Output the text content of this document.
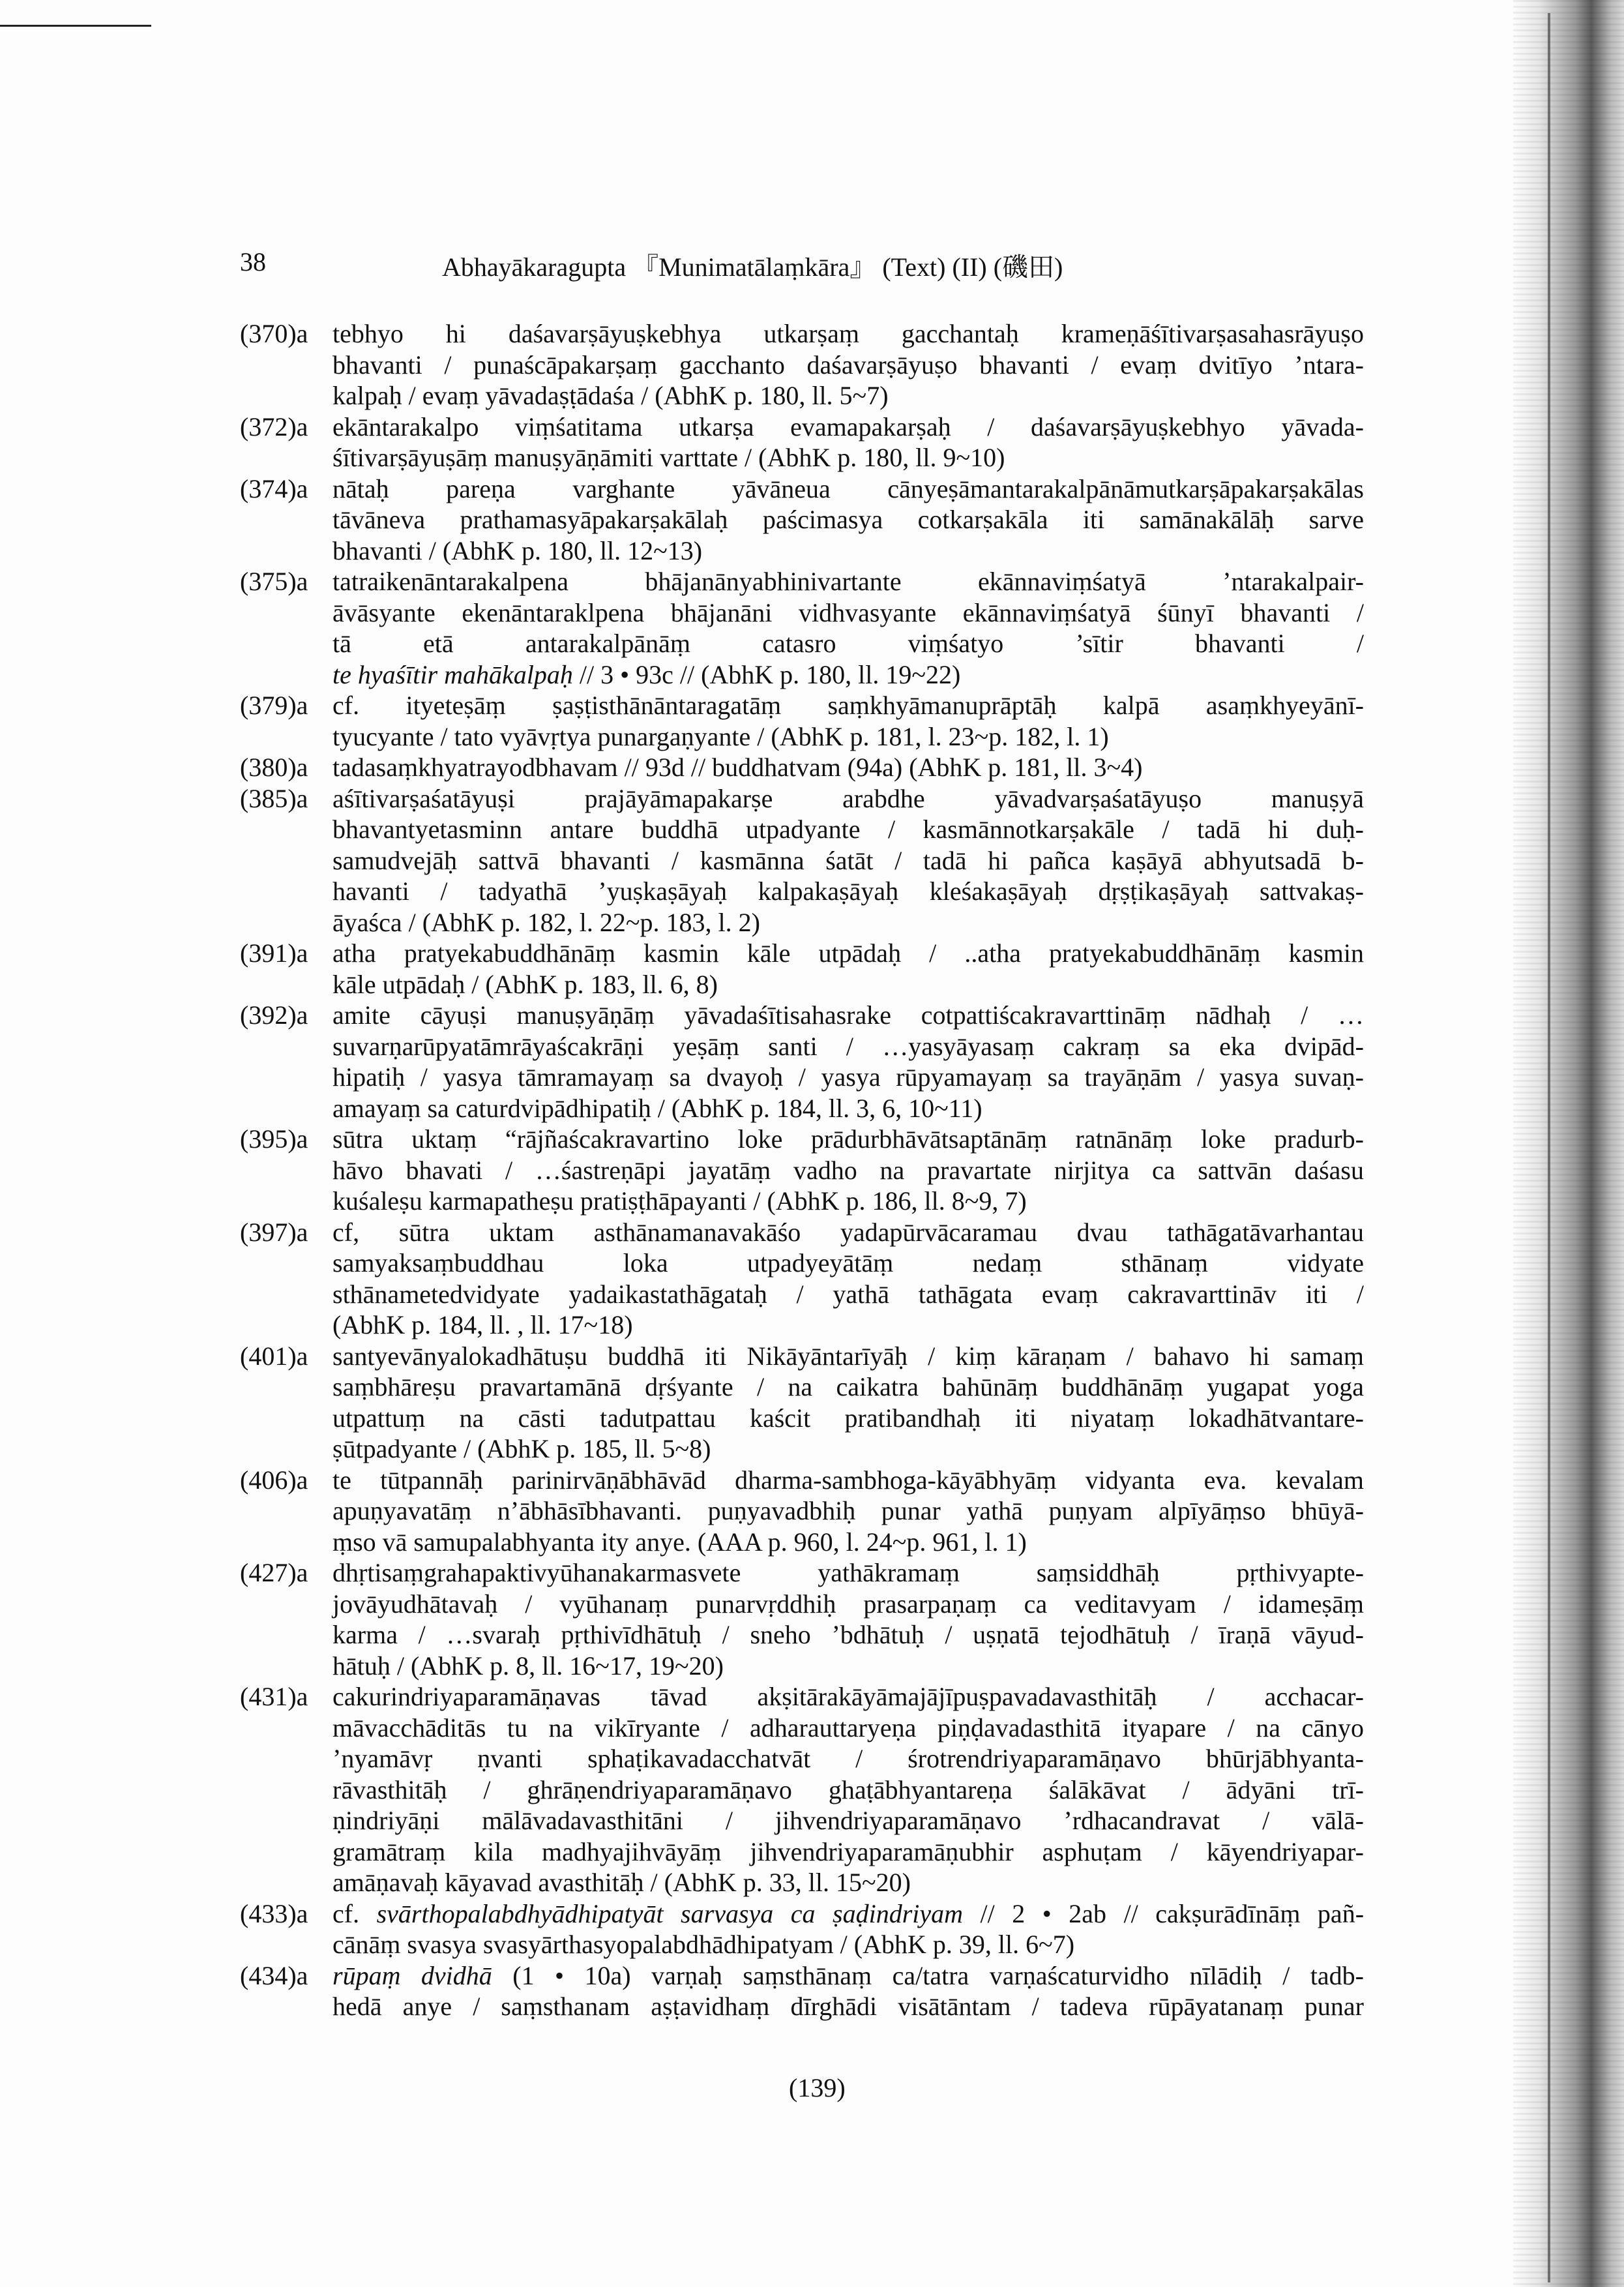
38	Abhayākaragupta 『Munimatālaṃkāra』 (Text) (II) (磯田)
(370)a tebhyo hi daśavarṣāyuṣkebhya utkarṣaṃ gacchantaḥ krameṇāśītivarṣasahasrāyuṣo
bhavanti / punaścāpakarṣaṃ gacchanto daśavarṣāyuṣo bhavanti / evaṃ dvitīyo ’ntara-
kalpaḥ / evaṃ yāvadaṣṭādaśa / (AbhK p. 180, ll. 5~7)
(372)a ekāntarakalpo viṃśatitama utkarṣa evamapakarṣaḥ / daśavarṣāyuṣkebhyo yāvada-
śītivarṣāyuṣāṃ manuṣyāṇāmiti varttate / (AbhK p. 180, ll. 9~10)
(374)a nātaḥ pareṇa varghante yāvāneua cānyeṣāmantarakalpānāmutkarṣāpakarṣakālas
tāvāneva prathamasyāpakarṣakālaḥ paścimasya cotkarṣakāla iti samānakālāḥ sarve
bhavanti / (AbhK p. 180, ll. 12~13)
(375)a tatraikenāntarakalpena bhājanānyabhinivartante ekānnaviṃśatyā ’ntarakalpair-
āvāsyante ekenāntaraklpena bhājanāni vidhvasyante ekānnaviṃśatyā śūnyī bhavanti /
tā etā antarakalpānāṃ catasro viṃśatyo ’sītir bhavanti /
te hyaśītir mahākalpaḥ // 3 • 93c // (AbhK p. 180, ll. 19~22)
(379)a cf. ityeteṣāṃ ṣaṣṭisthānāntaragatāṃ saṃkhyāmanuprāptāḥ kalpā asaṃkhyeyānī-
tyucyante / tato vyāvṛtya punargaṇyante / (AbhK p. 181, l. 23~p. 182, l. 1)
(380)a tadasaṃkhyatrayodbhavam // 93d // buddhatvam (94a) (AbhK p. 181, ll. 3~4)
(385)a aśītivarṣaśatāyuṣi prajāyāmapakarṣe arabdhe yāvadvarṣaśatāyuṣo manuṣyā
bhavantyetasminn antare buddhā utpadyante / kasmānnotkarṣakāle / tadā hi duḥ-
samudvejāḥ sattvā bhavanti / kasmānna śatāt / tadā hi pañca kaṣāyā abhyutsadā b-
havanti / tadyathā ’yuṣkaṣāyaḥ kalpakaṣāyaḥ kleśakaṣāyaḥ dṛṣṭikaṣāyaḥ sattvakaṣ-
āyaśca / (AbhK p. 182, l. 22~p. 183, l. 2)
(391)a atha pratyekabuddhānāṃ kasmin kāle utpādaḥ / ..atha pratyekabuddhānāṃ kasmin
kāle utpādaḥ / (AbhK p. 183, ll. 6, 8)
(392)a amite cāyuṣi manuṣyāṇāṃ yāvadaśītisahasrake cotpattiścakravarttināṃ nādhaḥ / …
suvarṇarūpyatāmrāyaścakrāṇi yeṣāṃ santi / …yasyāyasaṃ cakraṃ sa eka dvipād-
hipatiḥ / yasya tāmramayaṃ sa dvayoḥ / yasya rūpyamayaṃ sa trayāṇām / yasya suvaṇ-
amayaṃ sa caturdvipādhipatiḥ / (AbhK p. 184, ll. 3, 6, 10~11)
(395)a sūtra uktaṃ “rājñaścakravartino loke prādurbhāvātsaptānāṃ ratnānāṃ loke pradurb-
hāvo bhavati / …śastreṇāpi jayatāṃ vadho na pravartate nirjitya ca sattvān daśasu
kuśaleṣu karmapatheṣu pratiṣṭhāpayanti / (AbhK p. 186, ll. 8~9, 7)
(397)a cf, sūtra uktam asthānamanavakāśo yadapūrvācaramau dvau tathāgatāvarhantau
samyaksaṃbuddhau loka utpadyeyātāṃ nedaṃ sthānaṃ vidyate
sthānametedvidyate yadaikastathāgataḥ / yathā tathāgata evaṃ cakravarttināv iti /
(AbhK p. 184, ll. , ll. 17~18)
(401)a santyevānyalokadhātuṣu buddhā iti Nikāyāntarīyāḥ / kiṃ kāraṇam / bahavo hi samaṃ
saṃbhāreṣu pravartamānā dṛśyante / na caikatra bahūnāṃ buddhānāṃ yugapat yoga
utpattuṃ na cāsti tadutpattau kaścit pratibandhaḥ iti niyataṃ lokadhātvantare-
ṣūtpadyante / (AbhK p. 185, ll. 5~8)
(406)a te tūtpannāḥ parinirvāṇābhāvād dharma-sambhoga-kāyābhyāṃ vidyanta eva. kevalam
apuṇyavatāṃ n’ābhāsībhavanti. puṇyavadbhiḥ punar yathā puṇyam alpīyāṃso bhūyā-
ṃso vā samupalabhyanta ity anye. (AAA p. 960, l. 24~p. 961, l. 1)
(427)a dhṛtisaṃgrahapaktivyūhanakarmasvete yathākramaṃ saṃsiddhāḥ pṛthivyapte-
jovāyudhātavaḥ / vyūhanaṃ punarvṛddhiḥ prasarpaṇaṃ ca veditavyam / idameṣāṃ
karma / …svaraḥ pṛthivīdhātuḥ / sneho ’bdhātuḥ / uṣṇatā tejodhātuḥ / īraṇā vāyud-
hātuḥ / (AbhK p. 8, ll. 16~17, 19~20)
(431)a cakurindriyaparamāṇavas tāvad akṣitārakāyāmajājīpuṣpavadavasthitāḥ / acchacar-
māvacchāditās tu na vikīryante / adharauttaryeṇa piṇḍavadasthitā ityapare / na cānyo
’nyamāvṛ ṇvanti sphaṭikavadacchatvāt / śrotrendriyaparamāṇavo bhūrjābhyanta-
rāvasthitāḥ / ghrāṇendriyaparamāṇavo ghaṭābhyantareṇa śalākāvat / ādyāni trī-
ṇindriyāṇi mālāvadavasthitāni / jihvendriyaparamāṇavo ’rdhacandravat / vālā-
gramātraṃ kila madhyajihvāyāṃ jihvendriyaparamāṇubhir asphuṭam / kāyendriyapar-
amāṇavaḥ kāyavad avasthitāḥ / (AbhK p. 33, ll. 15~20)
(433)a cf. svārthopalabdhyādhipatyāt sarvasya ca ṣaḍindriyam // 2 • 2ab // cakṣurādīnāṃ pañ-
cānāṃ svasya svasyārthasyopalabdhādhipatyam / (AbhK p. 39, ll. 6~7)
(434)a rūpaṃ dvidhā (1 • 10a) varṇaḥ saṃsthānaṃ ca/tatra varṇaścaturvidho nīlādiḥ / tadb-
hedā anye / saṃsthanam aṣṭavidhaṃ dīrghādi visātāntam / tadeva rūpāyatanaṃ punar
(139)
